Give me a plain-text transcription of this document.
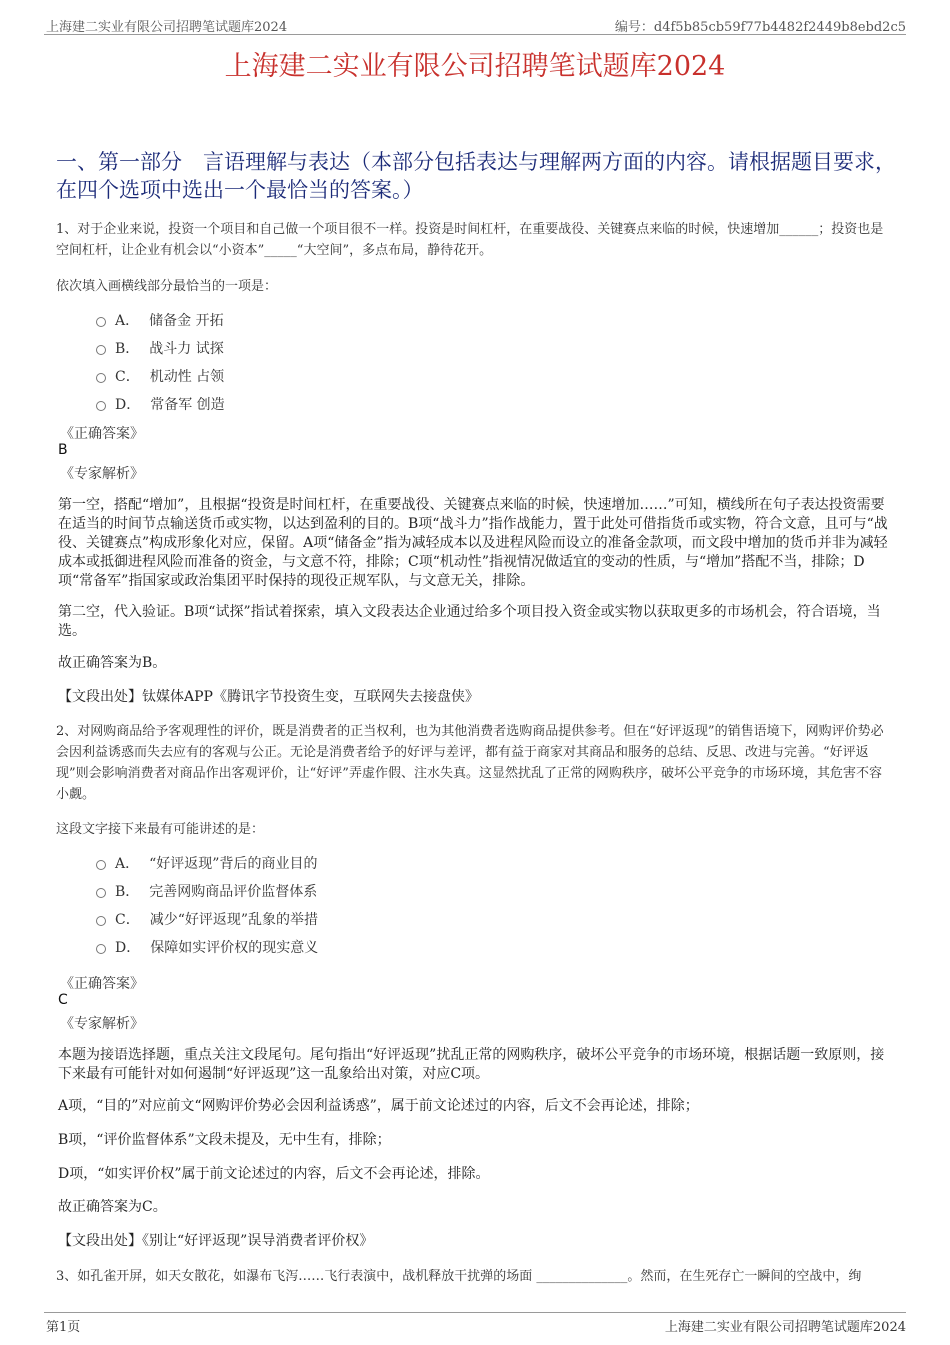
上海建二实业有限公司招聘笔试题库2024	编号：d4f5b85cb59f77b4482f2449b8ebd2c5
上海建二实业有限公司招聘笔试题库2024
一、第一部分　言语理解与表达（本部分包括表达与理解两方面的内容。请根据题目要求，在四个选项中选出一个最恰当的答案。）
1、对于企业来说，投资一个项目和自己做一个项目很不一样。投资是时间杠杆，在重要战役、关键赛点来临的时候，快速增加______；投资也是空间杠杆，让企业有机会以“小资本”_____“大空间”，多点布局，静待花开。
依次填入画横线部分最恰当的一项是：
A． 储备金 开拓
B． 战斗力 试探
C． 机动性 占领
D． 常备军 创造
《正确答案》
B
《专家解析》
第一空，搭配“增加”，且根据“投资是时间杠杆，在重要战役、关键赛点来临的时候，快速增加……”可知，横线所在句子表达投资需要在适当的时间节点输送货币或实物，以达到盈利的目的。B项“战斗力”指作战能力，置于此处可借指货币或实物，符合文意，且可与“战役、关键赛点”构成形象化对应，保留。A项“储备金”指为减轻成本以及进程风险而设立的准备金款项，而文段中增加的货币并非为减轻成本或抵御进程风险而准备的资金，与文意不符，排除；C项“机动性”指视情况做适宜的变动的性质，与“增加”搭配不当，排除；D项“常备军”指国家或政治集团平时保持的现役正规军队，与文意无关，排除。
第二空，代入验证。B项“试探”指试着探索，填入文段表达企业通过给多个项目投入资金或实物以获取更多的市场机会，符合语境，当选。
故正确答案为B。
【文段出处】钛媒体APP《腾讯字节投资生变，互联网失去接盘侠》
2、对网购商品给予客观理性的评价，既是消费者的正当权利，也为其他消费者选购商品提供参考。但在“好评返现”的销售语境下，网购评价势必会因利益诱惑而失去应有的客观与公正。无论是消费者给予的好评与差评，都有益于商家对其商品和服务的总结、反思、改进与完善。“好评返现”则会影响消费者对商品作出客观评价，让“好评”弄虚作假、注水失真。这显然扰乱了正常的网购秩序，破坏公平竞争的市场环境，其危害不容小觑。
这段文字接下来最有可能讲述的是：
A． “好评返现”背后的商业目的
B． 完善网购商品评价监督体系
C． 减少“好评返现”乱象的举措
D． 保障如实评价权的现实意义
《正确答案》
C
《专家解析》
本题为接语选择题，重点关注文段尾句。尾句指出“好评返现”扰乱正常的网购秩序，破坏公平竞争的市场环境，根据话题一致原则，接下来最有可能针对如何遏制“好评返现”这一乱象给出对策，对应C项。
A项，“目的”对应前文“网购评价势必会因利益诱惑”，属于前文论述过的内容，后文不会再论述，排除；
B项，“评价监督体系”文段未提及，无中生有，排除；
D项，“如实评价权”属于前文论述过的内容，后文不会再论述，排除。
故正确答案为C。
【文段出处】《别让“好评返现”误导消费者评价权》
3、如孔雀开屏，如天女散花，如瀑布飞泻……飞行表演中，战机释放干扰弹的场面 ______________。然而，在生死存亡一瞬间的空战中，绚
第1页	上海建二实业有限公司招聘笔试题库2024
